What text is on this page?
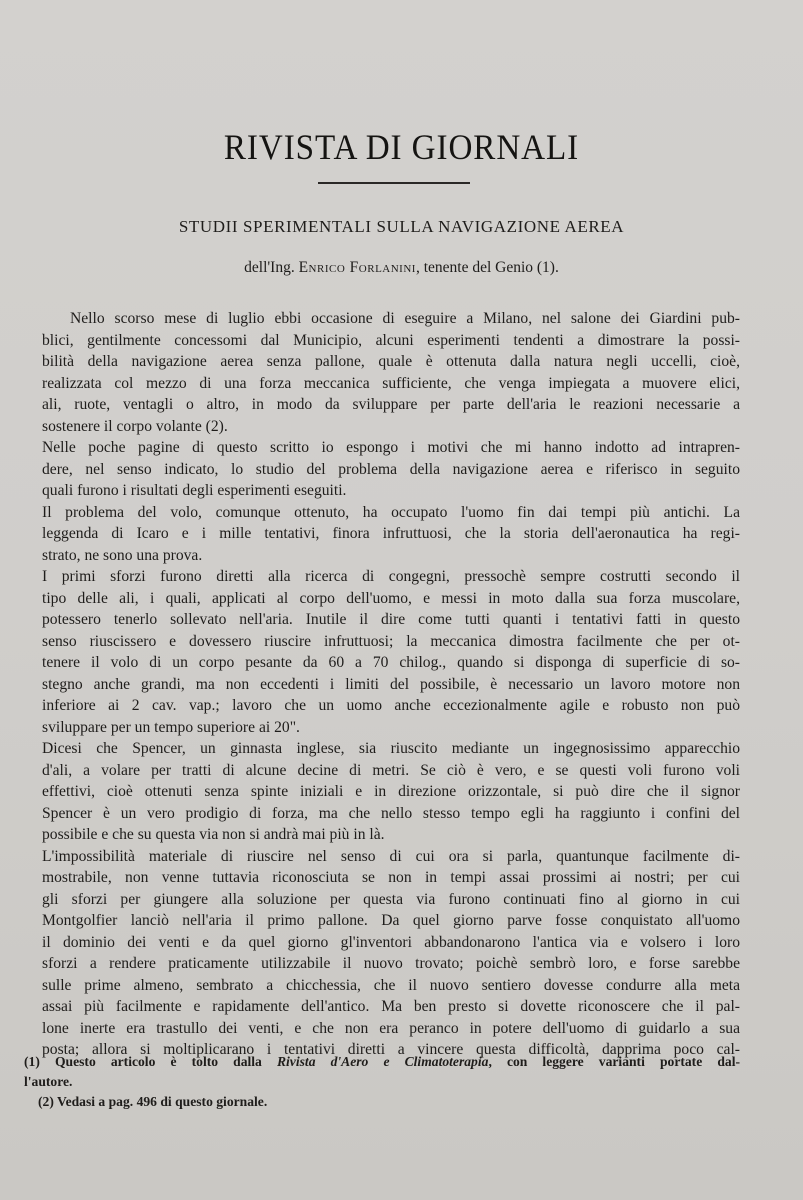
RIVISTA DI GIORNALI
STUDII SPERIMENTALI SULLA NAVIGAZIONE AEREA
dell'Ing. Enrico Forlanini, tenente del Genio (1).
Nello scorso mese di luglio ebbi occasione di eseguire a Milano, nel salone dei Giardini pub-
blici, gentilmente concessomi dal Municipio, alcuni esperimenti tendenti a dimostrare la possi-
bilità della navigazione aerea senza pallone, quale è ottenuta dalla natura negli uccelli, cioè,
realizzata col mezzo di una forza meccanica sufficiente, che venga impiegata a muovere elici,
ali, ruote, ventagli o altro, in modo da sviluppare per parte dell'aria le reazioni necessarie a
sostenere il corpo volante (2).
Nelle poche pagine di questo scritto io espongo i motivi che mi hanno indotto ad intrapren-
dere, nel senso indicato, lo studio del problema della navigazione aerea e riferisco in seguito
quali furono i risultati degli esperimenti eseguiti.
Il problema del volo, comunque ottenuto, ha occupato l'uomo fin dai tempi più antichi. La
leggenda di Icaro e i mille tentativi, finora infruttuosi, che la storia dell'aeronautica ha regi-
strato, ne sono una prova.
I primi sforzi furono diretti alla ricerca di congegni, pressochè sempre costrutti secondo il
tipo delle ali, i quali, applicati al corpo dell'uomo, e messi in moto dalla sua forza muscolare,
potessero tenerlo sollevato nell'aria. Inutile il dire come tutti quanti i tentativi fatti in questo
senso riuscissero e dovessero riuscire infruttuosi; la meccanica dimostra facilmente che per ot-
tenere il volo di un corpo pesante da 60 a 70 chilog., quando si disponga di superficie di so-
stegno anche grandi, ma non eccedenti i limiti del possibile, è necessario un lavoro motore non
inferiore ai 2 cav. vap.; lavoro che un uomo anche eccezionalmente agile e robusto non può
sviluppare per un tempo superiore ai 20".
Dicesi che Spencer, un ginnasta inglese, sia riuscito mediante un ingegnosissimo apparecchio
d'ali, a volare per tratti di alcune decine di metri. Se ciò è vero, e se questi voli furono voli
effettivi, cioè ottenuti senza spinte iniziali e in direzione orizzontale, si può dire che il signor
Spencer è un vero prodigio di forza, ma che nello stesso tempo egli ha raggiunto i confini del
possibile e che su questa via non si andrà mai più in là.
L'impossibilità materiale di riuscire nel senso di cui ora si parla, quantunque facilmente di-
mostrabile, non venne tuttavia riconosciuta se non in tempi assai prossimi ai nostri; per cui
gli sforzi per giungere alla soluzione per questa via furono continuati fino al giorno in cui
Montgolfier lanciò nell'aria il primo pallone. Da quel giorno parve fosse conquistato all'uomo
il dominio dei venti e da quel giorno gl'inventori abbandonarono l'antica via e volsero i loro
sforzi a rendere praticamente utilizzabile il nuovo trovato; poichè sembrò loro, e forse sarebbe
sulle prime almeno, sembrato a chicchessia, che il nuovo sentiero dovesse condurre alla meta
assai più facilmente e rapidamente dell'antico. Ma ben presto si dovette riconoscere che il pal-
lone inerte era trastullo dei venti, e che non era peranco in potere dell'uomo di guidarlo a sua
posta; allora si moltiplicarano i tentativi diretti a vincere questa difficoltà, dapprima poco cal-
(1) Questo articolo è tolto dalla Rivista d'Aero e Climatoterapia, con leggere varianti portate dal-
l'autore.
(2) Vedasi a pag. 496 di questo giornale.
